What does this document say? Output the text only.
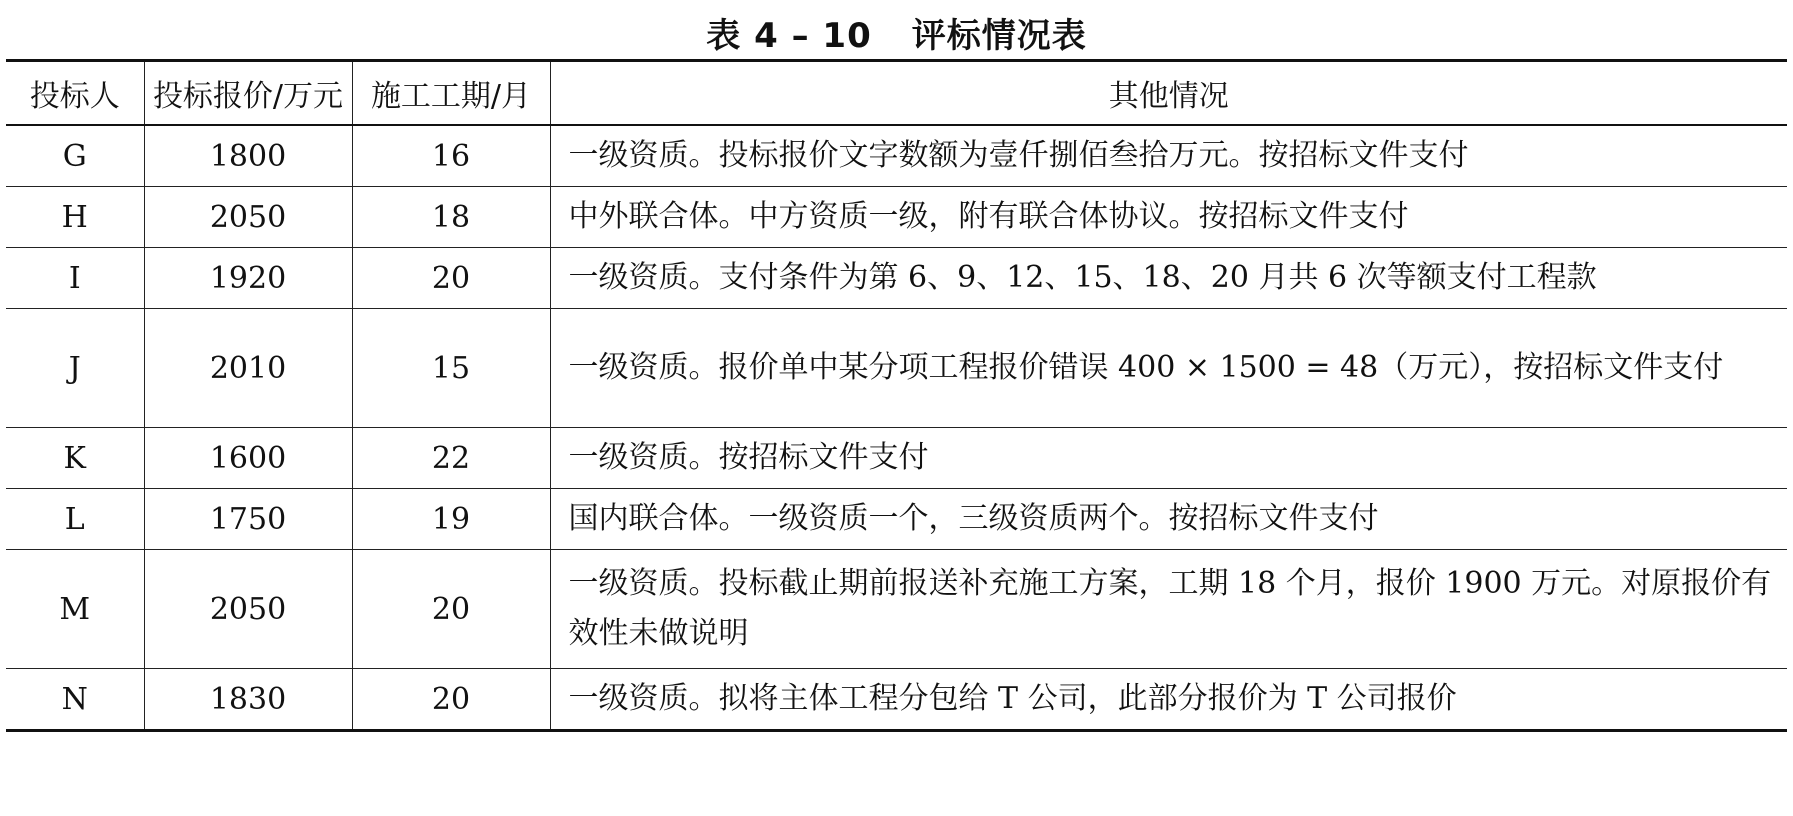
表 4 – 10 评标情况表
投标人	投标报价/万元	施工工期/月	其他情况
G	1800	16	一级资质。投标报价文字数额为壹仟捌佰叁拾万元。按招标文件支付
H	2050	18	中外联合体。中方资质一级，附有联合体协议。按招标文件支付
I	1920	20	一级资质。支付条件为第 6、9、12、15、18、20 月共 6 次等额支付工程款
J	2010	15	一级资质。报价单中某分项工程报价错误 400 × 1500 = 48（万元），按招标文件支付
K	1600	22	一级资质。按招标文件支付
L	1750	19	国内联合体。一级资质一个，三级资质两个。按招标文件支付
M	2050	20	一级资质。投标截止期前报送补充施工方案，工期 18 个月，报价 1900 万元。对原报价有效性未做说明
N	1830	20	一级资质。拟将主体工程分包给 T 公司，此部分报价为 T 公司报价
